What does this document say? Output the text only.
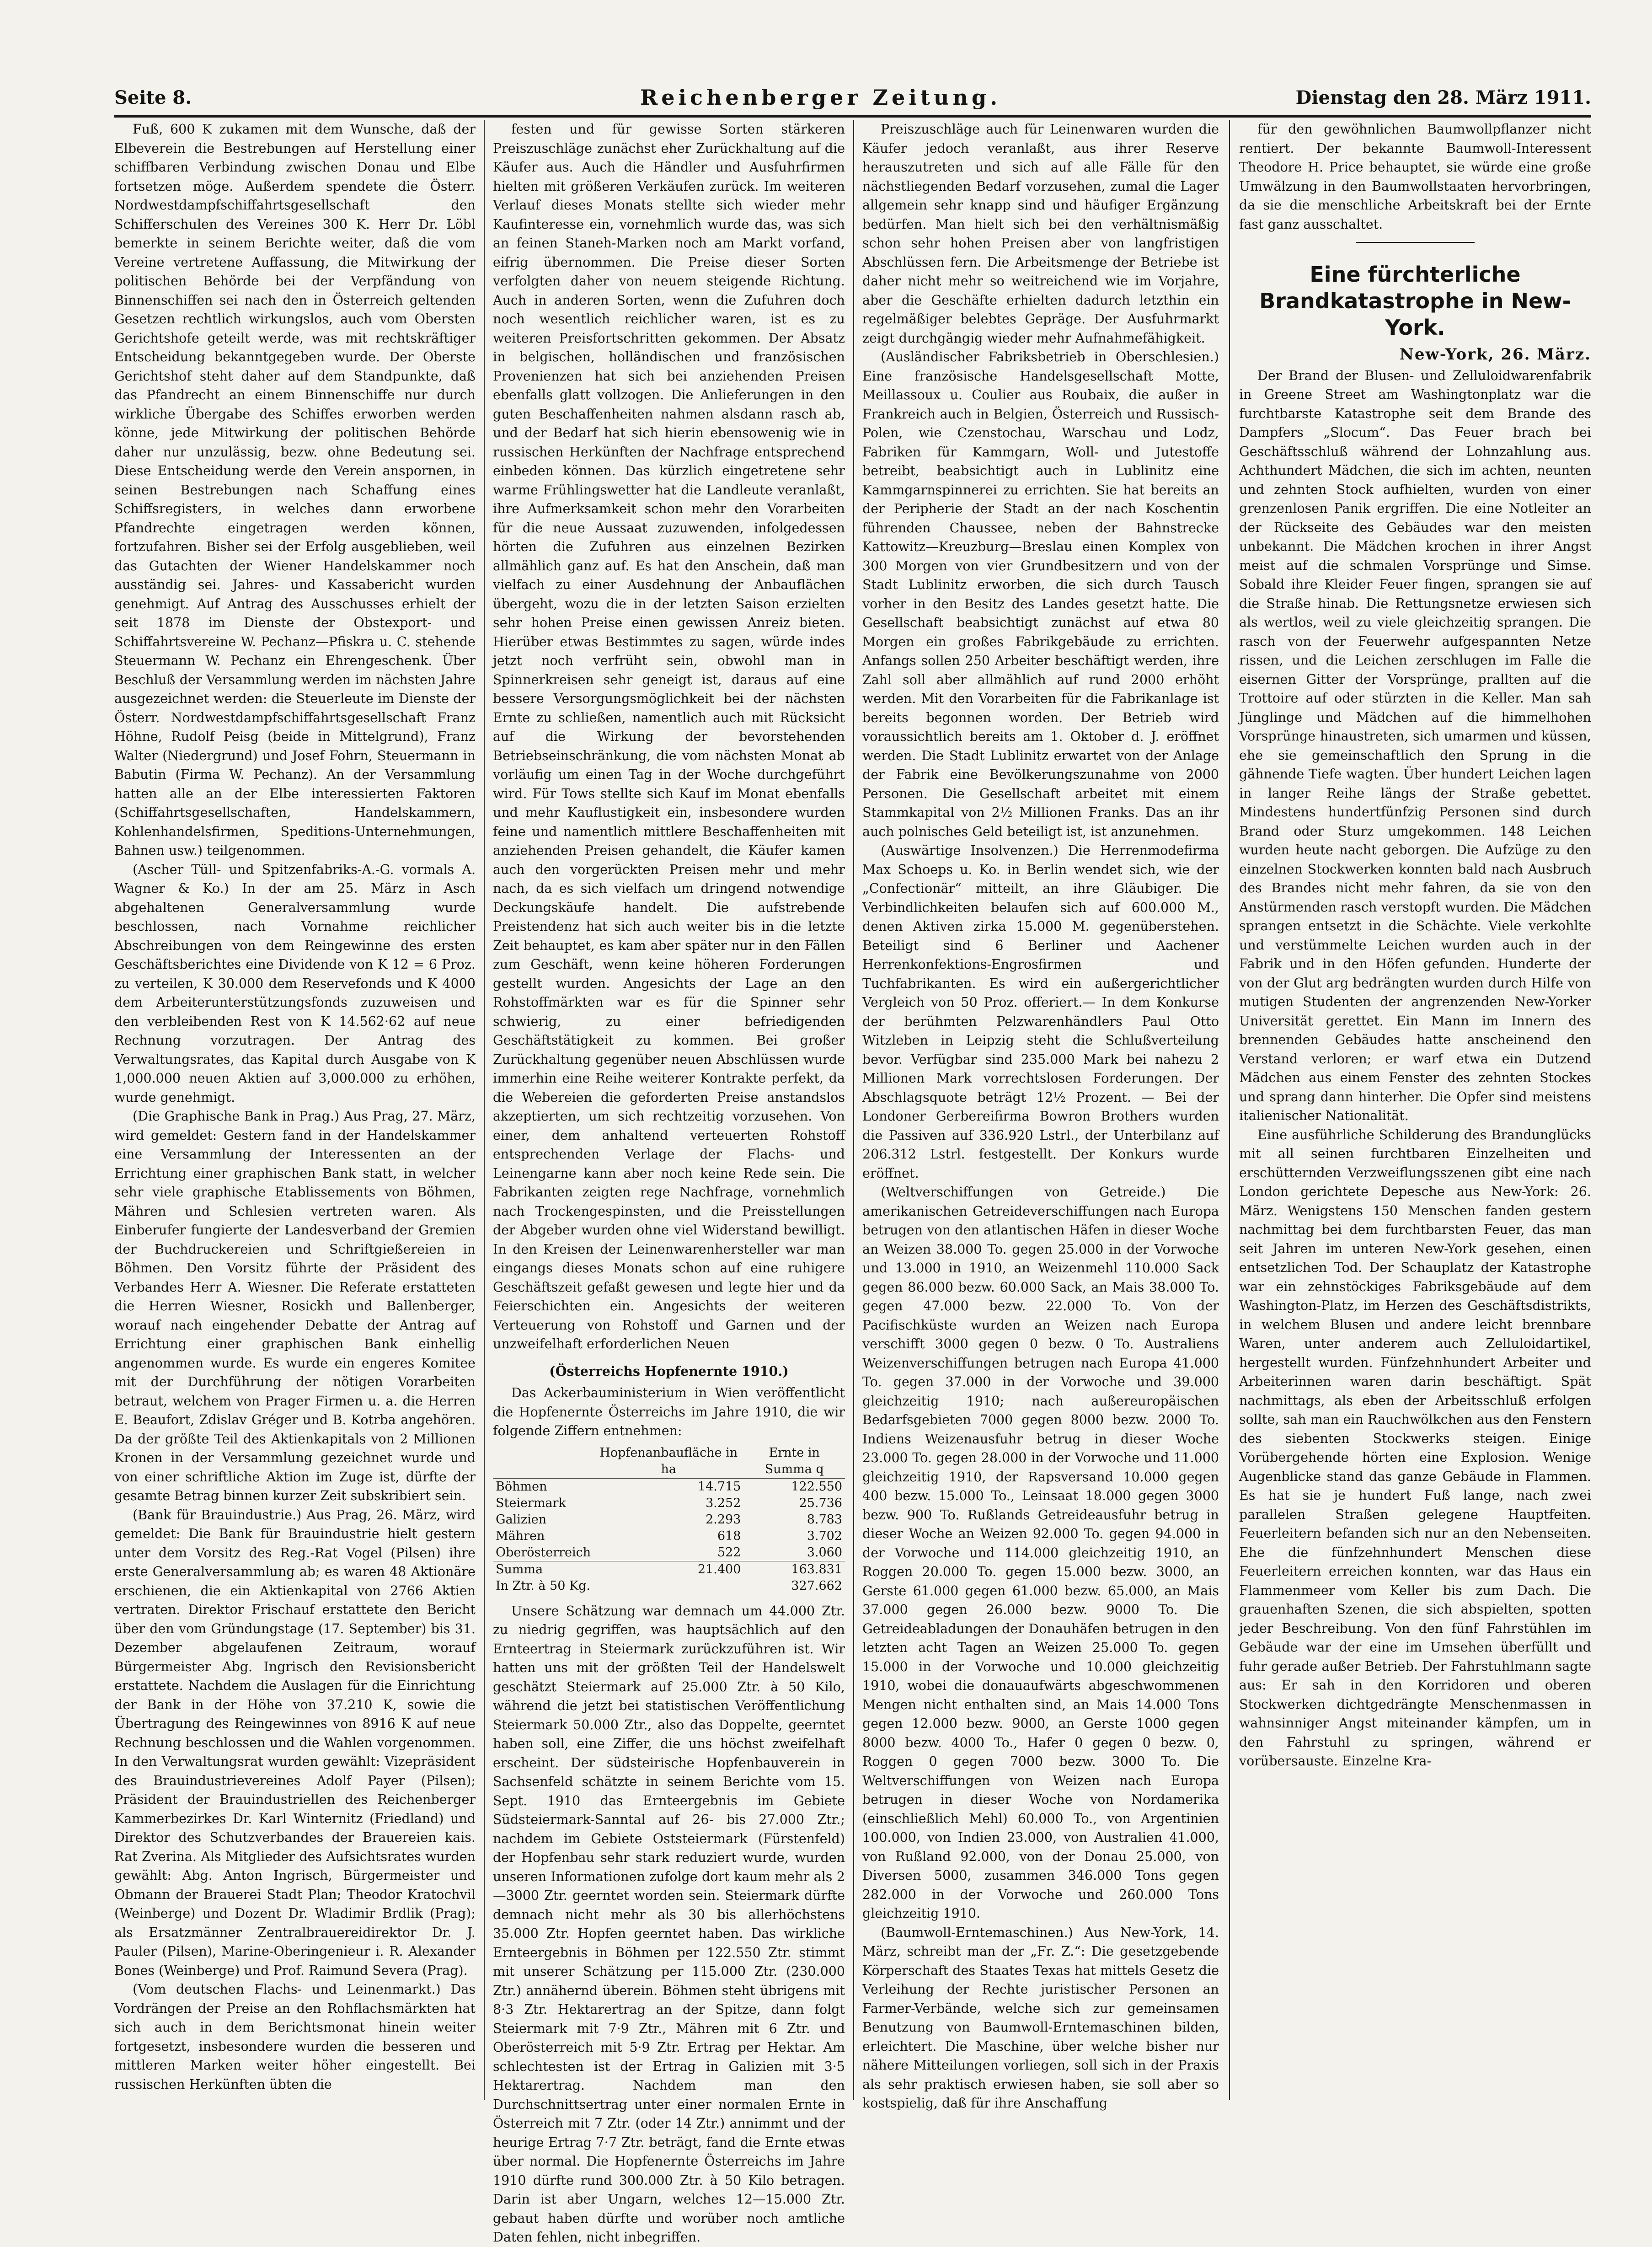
Seite 8.	Reichenberger Zeitung.	Dienstag den 28. März 1911.

Fuß, 600 K zukamen mit dem Wunsche, daß der Elbeverein die Bestrebungen auf Herstellung einer schiffbaren Verbindung zwischen Donau und Elbe fortsetzen möge. Außerdem spendete die Österr. Nordwestdampfschiffahrtsgesellschaft den Schifferschulen des Vereines 300 K. Herr Dr. Löbl bemerkte in seinem Berichte weiter, daß die vom Vereine vertretene Auffassung, die Mitwirkung der politischen Behörde bei der Verpfändung von Binnenschiffen sei nach den in Österreich geltenden Gesetzen rechtlich wirkungslos, auch vom Obersten Gerichtshofe geteilt werde, was mit rechtskräftiger Entscheidung bekanntgegeben wurde. Der Oberste Gerichtshof steht daher auf dem Standpunkte, daß das Pfandrecht an einem Binnenschiffe nur durch wirkliche Übergabe des Schiffes erworben werden könne, jede Mitwirkung der politischen Behörde daher nur unzulässig, bezw. ohne Bedeutung sei. Diese Entscheidung werde den Verein anspornen, in seinen Bestrebungen nach Schaffung eines Schiffsregisters, in welches dann erworbene Pfandrechte eingetragen werden können, fortzufahren. Bisher sei der Erfolg ausgeblieben, weil das Gutachten der Wiener Handelskammer noch ausständig sei. Jahres- und Kassabericht wurden genehmigt. Auf Antrag des Ausschusses erhielt der seit 1878 im Dienste der Obstexport- und Schiffahrtsvereine W. Pechanz—Pfiskra u. C. stehende Steuermann W. Pechanz ein Ehrengeschenk. Über Beschluß der Versammlung werden im nächsten Jahre ausgezeichnet werden: die Steuerleute im Dienste der Österr. Nordwestdampfschiffahrtsgesellschaft Franz Höhne, Rudolf Peisg (beide in Mittelgrund), Franz Walter (Niedergrund) und Josef Fohrn, Steuermann in Babutin (Firma W. Pechanz). An der Versammlung hatten alle an der Elbe interessierten Faktoren (Schiffahrtsgesellschaften, Handelskammern, Kohlenhandelsfirmen, Speditions-Unternehmungen, Bahnen usw.) teilgenommen.

(Ascher Tüll- und Spitzenfabriks-A.-G. vormals A. Wagner & Ko.) In der am 25. März in Asch abgehaltenen Generalversammlung wurde beschlossen, nach Vornahme reichlicher Abschreibungen von dem Reingewinne des ersten Geschäftsberichtes eine Dividende von K 12 = 6 Proz. zu verteilen, K 30.000 dem Reservefonds und K 4000 dem Arbeiterunterstützungsfonds zuzuweisen und den verbleibenden Rest von K 14.562·62 auf neue Rechnung vorzutragen. Der Antrag des Verwaltungsrates, das Kapital durch Ausgabe von K 1,000.000 neuen Aktien auf 3,000.000 zu erhöhen, wurde genehmigt.

(Die Graphische Bank in Prag.) Aus Prag, 27. März, wird gemeldet: Gestern fand in der Handelskammer eine Versammlung der Interessenten an der Errichtung einer graphischen Bank statt, in welcher sehr viele graphische Etablissements von Böhmen, Mähren und Schlesien vertreten waren. Als Einberufer fungierte der Landesverband der Gremien der Buchdruckereien und Schriftgießereien in Böhmen. Den Vorsitz führte der Präsident des Verbandes Herr A. Wiesner. Die Referate erstatteten die Herren Wiesner, Rosickh und Ballenberger, worauf nach eingehender Debatte der Antrag auf Errichtung einer graphischen Bank einhellig angenommen wurde. Es wurde ein engeres Komitee mit der Durchführung der nötigen Vorarbeiten betraut, welchem von Prager Firmen u. a. die Herren E. Beaufort, Zdislav Gréger und B. Kotrba angehören. Da der größte Teil des Aktienkapitals von 2 Millionen Kronen in der Versammlung gezeichnet wurde und von einer schriftliche Aktion im Zuge ist, dürfte der gesamte Betrag binnen kurzer Zeit subskribiert sein.

(Bank für Brauindustrie.) Aus Prag, 26. März, wird gemeldet: Die Bank für Brauindustrie hielt gestern unter dem Vorsitz des Reg.-Rat Vogel (Pilsen) ihre erste Generalversammlung ab; es waren 48 Aktionäre erschienen, die ein Aktienkapital von 2766 Aktien vertraten. Direktor Frischauf erstattete den Bericht über den vom Gründungstage (17. September) bis 31. Dezember abgelaufenen Zeitraum, worauf Bürgermeister Abg. Ingrisch den Revisionsbericht erstattete. Nachdem die Auslagen für die Einrichtung der Bank in der Höhe von 37.210 K, sowie die Übertragung des Reingewinnes von 8916 K auf neue Rechnung beschlossen und die Wahlen vorgenommen. In den Verwaltungsrat wurden gewählt: Vizepräsident des Brauindustrievereines Adolf Payer (Pilsen); Präsident der Brauindustriellen des Reichenberger Kammerbezirkes Dr. Karl Winternitz (Friedland) und Direktor des Schutzverbandes der Brauereien kais. Rat Zverina. Als Mitglieder des Aufsichtsrates wurden gewählt: Abg. Anton Ingrisch, Bürgermeister und Obmann der Brauerei Stadt Plan; Theodor Kratochvil (Weinberge) und Dozent Dr. Wladimir Brdlik (Prag); als Ersatzmänner Zentralbrauereidirektor Dr. J. Pauler (Pilsen), Marine-Oberingenieur i. R. Alexander Bones (Weinberge) und Prof. Raimund Severa (Prag).

(Vom deutschen Flachs- und Leinenmarkt.) Das Vordrängen der Preise an den Rohflachsmärkten hat sich auch in dem Berichtsmonat hinein weiter fortgesetzt, insbesondere wurden die besseren und mittleren Marken weiter höher eingestellt. Bei russischen Herkünften übten die

festen und für gewisse Sorten stärkeren Preiszuschläge zunächst eher Zurückhaltung auf die Käufer aus. Auch die Händler und Ausfuhrfirmen hielten mit größeren Verkäufen zurück. Im weiteren Verlauf dieses Monats stellte sich wieder mehr Kaufinteresse ein, vornehmlich wurde das, was sich an feinen Staneh-Marken noch am Markt vorfand, eifrig übernommen. Die Preise dieser Sorten verfolgten daher von neuem steigende Richtung. Auch in anderen Sorten, wenn die Zufuhren doch noch wesentlich reichlicher waren, ist es zu weiteren Preisfortschritten gekommen. Der Absatz in belgischen, holländischen und französischen Provenienzen hat sich bei anziehenden Preisen ebenfalls glatt vollzogen. Die Anlieferungen in den guten Beschaffenheiten nahmen alsdann rasch ab, und der Bedarf hat sich hierin ebensowenig wie in russischen Herkünften der Nachfrage entsprechend einbeden können. Das kürzlich eingetretene sehr warme Frühlingswetter hat die Landleute veranlaßt, ihre Aufmerksamkeit schon mehr den Vorarbeiten für die neue Aussaat zuzuwenden, infolgedessen hörten die Zufuhren aus einzelnen Bezirken allmählich ganz auf. Es hat den Anschein, daß man vielfach zu einer Ausdehnung der Anbauflächen übergeht, wozu die in der letzten Saison erzielten sehr hohen Preise einen gewissen Anreiz bieten. Hierüber etwas Bestimmtes zu sagen, würde indes jetzt noch verfrüht sein, obwohl man in Spinnerkreisen sehr geneigt ist, daraus auf eine bessere Versorgungsmöglichkeit bei der nächsten Ernte zu schließen, namentlich auch mit Rücksicht auf die Wirkung der bevorstehenden Betriebseinschränkung, die vom nächsten Monat ab vorläufig um einen Tag in der Woche durchgeführt wird. Für Tows stellte sich Kauf im Monat ebenfalls und mehr Kauflustigkeit ein, insbesondere wurden feine und namentlich mittlere Beschaffenheiten mit anziehenden Preisen gehandelt, die Käufer kamen auch den vorgerückten Preisen mehr und mehr nach, da es sich vielfach um dringend notwendige Deckungskäufe handelt. Die aufstrebende Preistendenz hat sich auch weiter bis in die letzte Zeit behauptet, es kam aber später nur in den Fällen zum Geschäft, wenn keine höheren Forderungen gestellt wurden. Angesichts der Lage an den Rohstoffmärkten war es für die Spinner sehr schwierig, zu einer befriedigenden Geschäftstätigkeit zu kommen. Bei großer Zurückhaltung gegenüber neuen Abschlüssen wurde immerhin eine Reihe weiterer Kontrakte perfekt, da die Webereien die geforderten Preise anstandslos akzeptierten, um sich rechtzeitig vorzusehen. Von einer, dem anhaltend verteuerten Rohstoff entsprechenden Verlage der Flachs- und Leinengarne kann aber noch keine Rede sein. Die Fabrikanten zeigten rege Nachfrage, vornehmlich nach Trockengespinsten, und die Preisstellungen der Abgeber wurden ohne viel Widerstand bewilligt. In den Kreisen der Leinenwarenhersteller war man eingangs dieses Monats schon auf eine ruhigere Geschäftszeit gefaßt gewesen und legte hier und da Feierschichten ein. Angesichts der weiteren Verteuerung von Rohstoff und Garnen und der unzweifelhaft erforderlichen Neuen

(Österreichs Hopfenernte 1910.)

Das Ackerbauministerium in Wien veröffentlicht die Hopfenernte Österreichs im Jahre 1910, die wir folgende Ziffern entnehmen:

	Hopfenanbaufläche in ha	Ernte in Summa q
Böhmen	14.715	122.550
Steiermark	3.252	25.736
Galizien	2.293	8.783
Mähren	618	3.702
Oberösterreich	522	3.060
Summa	21.400	163.831
In Ztr. à 50 Kg.		327.662

Unsere Schätzung war demnach um 44.000 Ztr. zu niedrig gegriffen, was hauptsächlich auf den Ernteertrag in Steiermark zurückzuführen ist. Wir hatten uns mit der größten Teil der Handelswelt geschätzt Steiermark auf 25.000 Ztr. à 50 Kilo, während die jetzt bei statistischen Veröffentlichung Steiermark 50.000 Ztr., also das Doppelte, geerntet haben soll, eine Ziffer, die uns höchst zweifelhaft erscheint. Der südsteirische Hopfenbauverein in Sachsenfeld schätzte in seinem Berichte vom 15. Sept. 1910 das Ernteergebnis im Gebiete Südsteiermark-Sanntal auf 26- bis 27.000 Ztr.; nachdem im Gebiete Oststeiermark (Fürstenfeld) der Hopfenbau sehr stark reduziert wurde, wurden unseren Informationen zufolge dort kaum mehr als 2—3000 Ztr. geerntet worden sein. Steiermark dürfte demnach nicht mehr als 30 bis allerhöchstens 35.000 Ztr. Hopfen geerntet haben. Das wirkliche Ernteergebnis in Böhmen per 122.550 Ztr. stimmt mit unserer Schätzung per 115.000 Ztr. (230.000 Ztr.) annähernd überein. Böhmen steht übrigens mit 8·3 Ztr. Hektarertrag an der Spitze, dann folgt Steiermark mit 7·9 Ztr., Mähren mit 6 Ztr. und Oberösterreich mit 5·9 Ztr. Ertrag per Hektar. Am schlechtesten ist der Ertrag in Galizien mit 3·5 Hektarertrag. Nachdem man den Durchschnittsertrag unter einer normalen Ernte in Österreich mit 7 Ztr. (oder 14 Ztr.) annimmt und der heurige Ertrag 7·7 Ztr. beträgt, fand die Ernte etwas über normal. Die Hopfenernte Österreichs im Jahre 1910 dürfte rund 300.000 Ztr. à 50 Kilo betragen. Darin ist aber Ungarn, welches 12—15.000 Ztr. gebaut haben dürfte und worüber noch amtliche Daten fehlen, nicht inbegriffen.

Preiszuschläge auch für Leinenwaren wurden die Käufer jedoch veranlaßt, aus ihrer Reserve herauszutreten und sich auf alle Fälle für den nächstliegenden Bedarf vorzusehen, zumal die Lager allgemein sehr knapp sind und häufiger Ergänzung bedürfen. Man hielt sich bei den verhältnismäßig schon sehr hohen Preisen aber von langfristigen Abschlüssen fern. Die Arbeitsmenge der Betriebe ist daher nicht mehr so weitreichend wie im Vorjahre, aber die Geschäfte erhielten dadurch letzthin ein regelmäßiger belebtes Gepräge. Der Ausfuhrmarkt zeigt durchgängig wieder mehr Aufnahmefähigkeit.

(Ausländischer Fabriksbetrieb in Oberschlesien.) Eine französische Handelsgesellschaft Motte, Meillassoux u. Coulier aus Roubaix, die außer in Frankreich auch in Belgien, Österreich und Russisch-Polen, wie Czenstochau, Warschau und Lodz, Fabriken für Kammgarn, Woll- und Jutestoffe betreibt, beabsichtigt auch in Lublinitz eine Kammgarnspinnerei zu errichten. Sie hat bereits an der Peripherie der Stadt an der nach Koschentin führenden Chaussee, neben der Bahnstrecke Kattowitz—Kreuzburg—Breslau einen Komplex von 300 Morgen von vier Grundbesitzern und von der Stadt Lublinitz erworben, die sich durch Tausch vorher in den Besitz des Landes gesetzt hatte. Die Gesellschaft beabsichtigt zunächst auf etwa 80 Morgen ein großes Fabrikgebäude zu errichten. Anfangs sollen 250 Arbeiter beschäftigt werden, ihre Zahl soll aber allmählich auf rund 2000 erhöht werden. Mit den Vorarbeiten für die Fabrikanlage ist bereits begonnen worden. Der Betrieb wird voraussichtlich bereits am 1. Oktober d. J. eröffnet werden. Die Stadt Lublinitz erwartet von der Anlage der Fabrik eine Bevölkerungszunahme von 2000 Personen. Die Gesellschaft arbeitet mit einem Stammkapital von 2½ Millionen Franks. Das an ihr auch polnisches Geld beteiligt ist, ist anzunehmen.

(Auswärtige Insolvenzen.) Die Herrenmodefirma Max Schoeps u. Ko. in Berlin wendet sich, wie der „Confectionär“ mitteilt, an ihre Gläubiger. Die Verbindlichkeiten belaufen sich auf 600.000 M., denen Aktiven zirka 15.000 M. gegenüberstehen. Beteiligt sind 6 Berliner und Aachener Herrenkonfektions-Engrosfirmen und Tuchfabrikanten. Es wird ein außergerichtlicher Vergleich von 50 Proz. offeriert.— In dem Konkurse der berühmten Pelzwarenhändlers Paul Otto Witzleben in Leipzig steht die Schlußverteilung bevor. Verfügbar sind 235.000 Mark bei nahezu 2 Millionen Mark vorrechtslosen Forderungen. Der Abschlagsquote beträgt 12½ Prozent. — Bei der Londoner Gerbereifirma Bowron Brothers wurden die Passiven auf 336.920 Lstrl., der Unterbilanz auf 206.312 Lstrl. festgestellt. Der Konkurs wurde eröffnet.

(Weltverschiffungen von Getreide.) Die amerikanischen Getreideverschiffungen nach Europa betrugen von den atlantischen Häfen in dieser Woche an Weizen 38.000 To. gegen 25.000 in der Vorwoche und 13.000 in 1910, an Weizenmehl 110.000 Sack gegen 86.000 bezw. 60.000 Sack, an Mais 38.000 To. gegen 47.000 bezw. 22.000 To. Von der Pacifischküste wurden an Weizen nach Europa verschifft 3000 gegen 0 bezw. 0 To. Australiens Weizenverschiffungen betrugen nach Europa 41.000 To. gegen 37.000 in der Vorwoche und 39.000 gleichzeitig 1910; nach außereuropäischen Bedarfsgebieten 7000 gegen 8000 bezw. 2000 To. Indiens Weizenausfuhr betrug in dieser Woche 23.000 To. gegen 28.000 in der Vorwoche und 11.000 gleichzeitig 1910, der Rapsversand 10.000 gegen 400 bezw. 15.000 To., Leinsaat 18.000 gegen 3000 bezw. 900 To. Rußlands Getreideausfuhr betrug in dieser Woche an Weizen 92.000 To. gegen 94.000 in der Vorwoche und 114.000 gleichzeitig 1910, an Roggen 20.000 To. gegen 15.000 bezw. 3000, an Gerste 61.000 gegen 61.000 bezw. 65.000, an Mais 37.000 gegen 26.000 bezw. 9000 To. Die Getreideabladungen der Donauhäfen betrugen in den letzten acht Tagen an Weizen 25.000 To. gegen 15.000 in der Vorwoche und 10.000 gleichzeitig 1910, wobei die donauaufwärts abgeschwommenen Mengen nicht enthalten sind, an Mais 14.000 Tons gegen 12.000 bezw. 9000, an Gerste 1000 gegen 8000 bezw. 4000 To., Hafer 0 gegen 0 bezw. 0, Roggen 0 gegen 7000 bezw. 3000 To. Die Weltverschiffungen von Weizen nach Europa betrugen in dieser Woche von Nordamerika (einschließlich Mehl) 60.000 To., von Argentinien 100.000, von Indien 23.000, von Australien 41.000, von Rußland 92.000, von der Donau 25.000, von Diversen 5000, zusammen 346.000 Tons gegen 282.000 in der Vorwoche und 260.000 Tons gleichzeitig 1910.

(Baumwoll-Erntemaschinen.) Aus New-York, 14. März, schreibt man der „Fr. Z.“: Die gesetzgebende Körperschaft des Staates Texas hat mittels Gesetz die Verleihung der Rechte juristischer Personen an Farmer-Verbände, welche sich zur gemeinsamen Benutzung von Baumwoll-Erntemaschinen bilden, erleichtert. Die Maschine, über welche bisher nur nähere Mitteilungen vorliegen, soll sich in der Praxis als sehr praktisch erwiesen haben, sie soll aber so kostspielig, daß für ihre Anschaffung

für den gewöhnlichen Baumwollpflanzer nicht rentiert. Der bekannte Baumwoll-Interessent Theodore H. Price behauptet, sie würde eine große Umwälzung in den Baumwollstaaten hervorbringen, da sie die menschliche Arbeitskraft bei der Ernte fast ganz ausschaltet.

Eine fürchterliche Brandkatastrophe in New-York.
New-York, 26. März.

Der Brand der Blusen- und Zelluloidwarenfabrik in Greene Street am Washingtonplatz war die furchtbarste Katastrophe seit dem Brande des Dampfers „Slocum“. Das Feuer brach bei Geschäftsschluß während der Lohnzahlung aus. Achthundert Mädchen, die sich im achten, neunten und zehnten Stock aufhielten, wurden von einer grenzenlosen Panik ergriffen. Die eine Notleiter an der Rückseite des Gebäudes war den meisten unbekannt. Die Mädchen krochen in ihrer Angst meist auf die schmalen Vorsprünge und Simse. Sobald ihre Kleider Feuer fingen, sprangen sie auf die Straße hinab. Die Rettungsnetze erwiesen sich als wertlos, weil zu viele gleichzeitig sprangen. Die rasch von der Feuerwehr aufgespannten Netze rissen, und die Leichen zerschlugen im Falle die eisernen Gitter der Vorsprünge, prallten auf die Trottoire auf oder stürzten in die Keller. Man sah Jünglinge und Mädchen auf die himmelhohen Vorsprünge hinaustreten, sich umarmen und küssen, ehe sie gemeinschaftlich den Sprung in die gähnende Tiefe wagten. Über hundert Leichen lagen in langer Reihe längs der Straße gebettet. Mindestens hundertfünfzig Personen sind durch Brand oder Sturz umgekommen. 148 Leichen wurden heute nacht geborgen. Die Aufzüge zu den einzelnen Stockwerken konnten bald nach Ausbruch des Brandes nicht mehr fahren, da sie von den Anstürmenden rasch verstopft wurden. Die Mädchen sprangen entsetzt in die Schächte. Viele verkohlte und verstümmelte Leichen wurden auch in der Fabrik und in den Höfen gefunden. Hunderte der von der Glut arg bedrängten wurden durch Hilfe von mutigen Studenten der angrenzenden New-Yorker Universität gerettet. Ein Mann im Innern des brennenden Gebäudes hatte anscheinend den Verstand verloren; er warf etwa ein Dutzend Mädchen aus einem Fenster des zehnten Stockes und sprang dann hinterher. Die Opfer sind meistens italienischer Nationalität.

Eine ausführliche Schilderung des Brandunglücks mit all seinen furchtbaren Einzelheiten und erschütternden Verzweiflungsszenen gibt eine nach London gerichtete Depesche aus New-York: 26. März. Wenigstens 150 Menschen fanden gestern nachmittag bei dem furchtbarsten Feuer, das man seit Jahren im unteren New-York gesehen, einen entsetzlichen Tod. Der Schauplatz der Katastrophe war ein zehnstöckiges Fabriksgebäude auf dem Washington-Platz, im Herzen des Geschäftsdistrikts, in welchem Blusen und andere leicht brennbare Waren, unter anderem auch Zelluloidartikel, hergestellt wurden. Fünfzehnhundert Arbeiter und Arbeiterinnen waren darin beschäftigt. Spät nachmittags, als eben der Arbeitsschluß erfolgen sollte, sah man ein Rauchwölkchen aus den Fenstern des siebenten Stockwerks steigen. Einige Vorübergehende hörten eine Explosion. Wenige Augenblicke stand das ganze Gebäude in Flammen. Es hat sie je hundert Fuß lange, nach zwei parallelen Straßen gelegene Hauptfeiten. Feuerleitern befanden sich nur an den Nebenseiten. Ehe die fünfzehnhundert Menschen diese Feuerleitern erreichen konnten, war das Haus ein Flammenmeer vom Keller bis zum Dach. Die grauenhaften Szenen, die sich abspielten, spotten jeder Beschreibung. Von den fünf Fahrstühlen im Gebäude war der eine im Umsehen überfüllt und fuhr gerade außer Betrieb. Der Fahrstuhlmann sagte aus: Er sah in den Korridoren und oberen Stockwerken dichtgedrängte Menschenmassen in wahnsinniger Angst miteinander kämpfen, um in den Fahrstuhl zu springen, während er vorübersauste. Einzelne Kra-
